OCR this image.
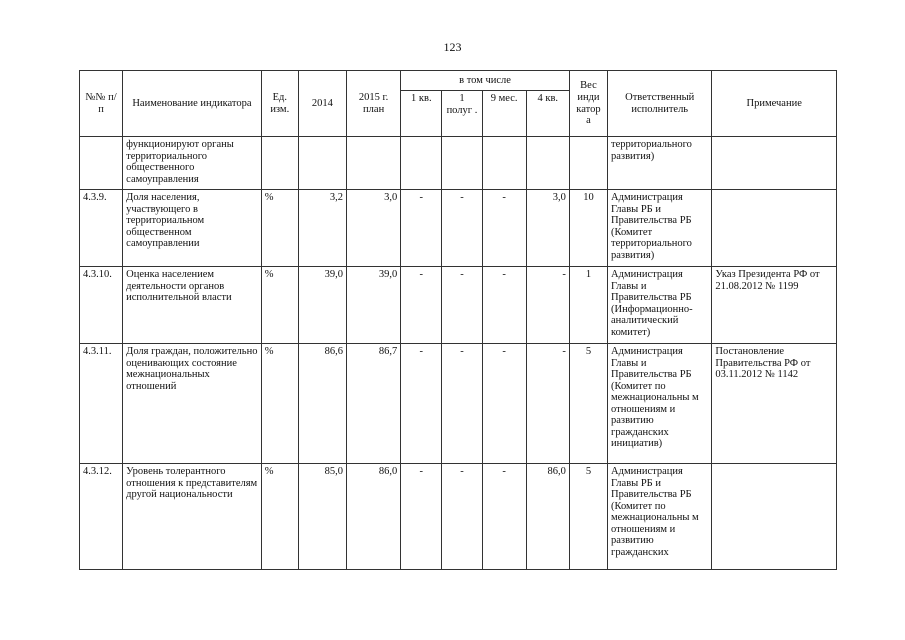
123
№№ п/п	Наименование индикатора	Ед. изм.	2014	2015 г. план	в том числе				Вес инди катор а	Ответственный исполнитель	Примечание
					1 кв.	1 полуг .	9 мес.	4 кв.			
	функционируют органы территориального общественного самоуправления									территориального развития)	
4.3.9.	Доля населения, участвующего в территориальном общественном самоуправлении	%	3,2	3,0	-	-	-	3,0	10	Администрация Главы РБ и Правительства РБ (Комитет территориального развития)	
4.3.10.	Оценка населением деятельности органов исполнительной власти	%	39,0	39,0	-	-	-	-	1	Администрация Главы и Правительства РБ (Информационно-аналитический комитет)	Указ Президента РФ от 21.08.2012 № 1199
4.3.11.	Доля граждан, положительно оценивающих состояние межнациональных отношений	%	86,6	86,7	-	-	-	-	5	Администрация Главы и Правительства РБ (Комитет по межнациональны м отношениям и развитию гражданских инициатив)	Постановление Правительства РФ от 03.11.2012 № 1142
4.3.12.	Уровень толерантного отношения к представителям другой национальности	%	85,0	86,0	-	-	-	86,0	5	Администрация Главы РБ и Правительства РБ (Комитет по межнациональны м отношениям и развитию гражданских	
